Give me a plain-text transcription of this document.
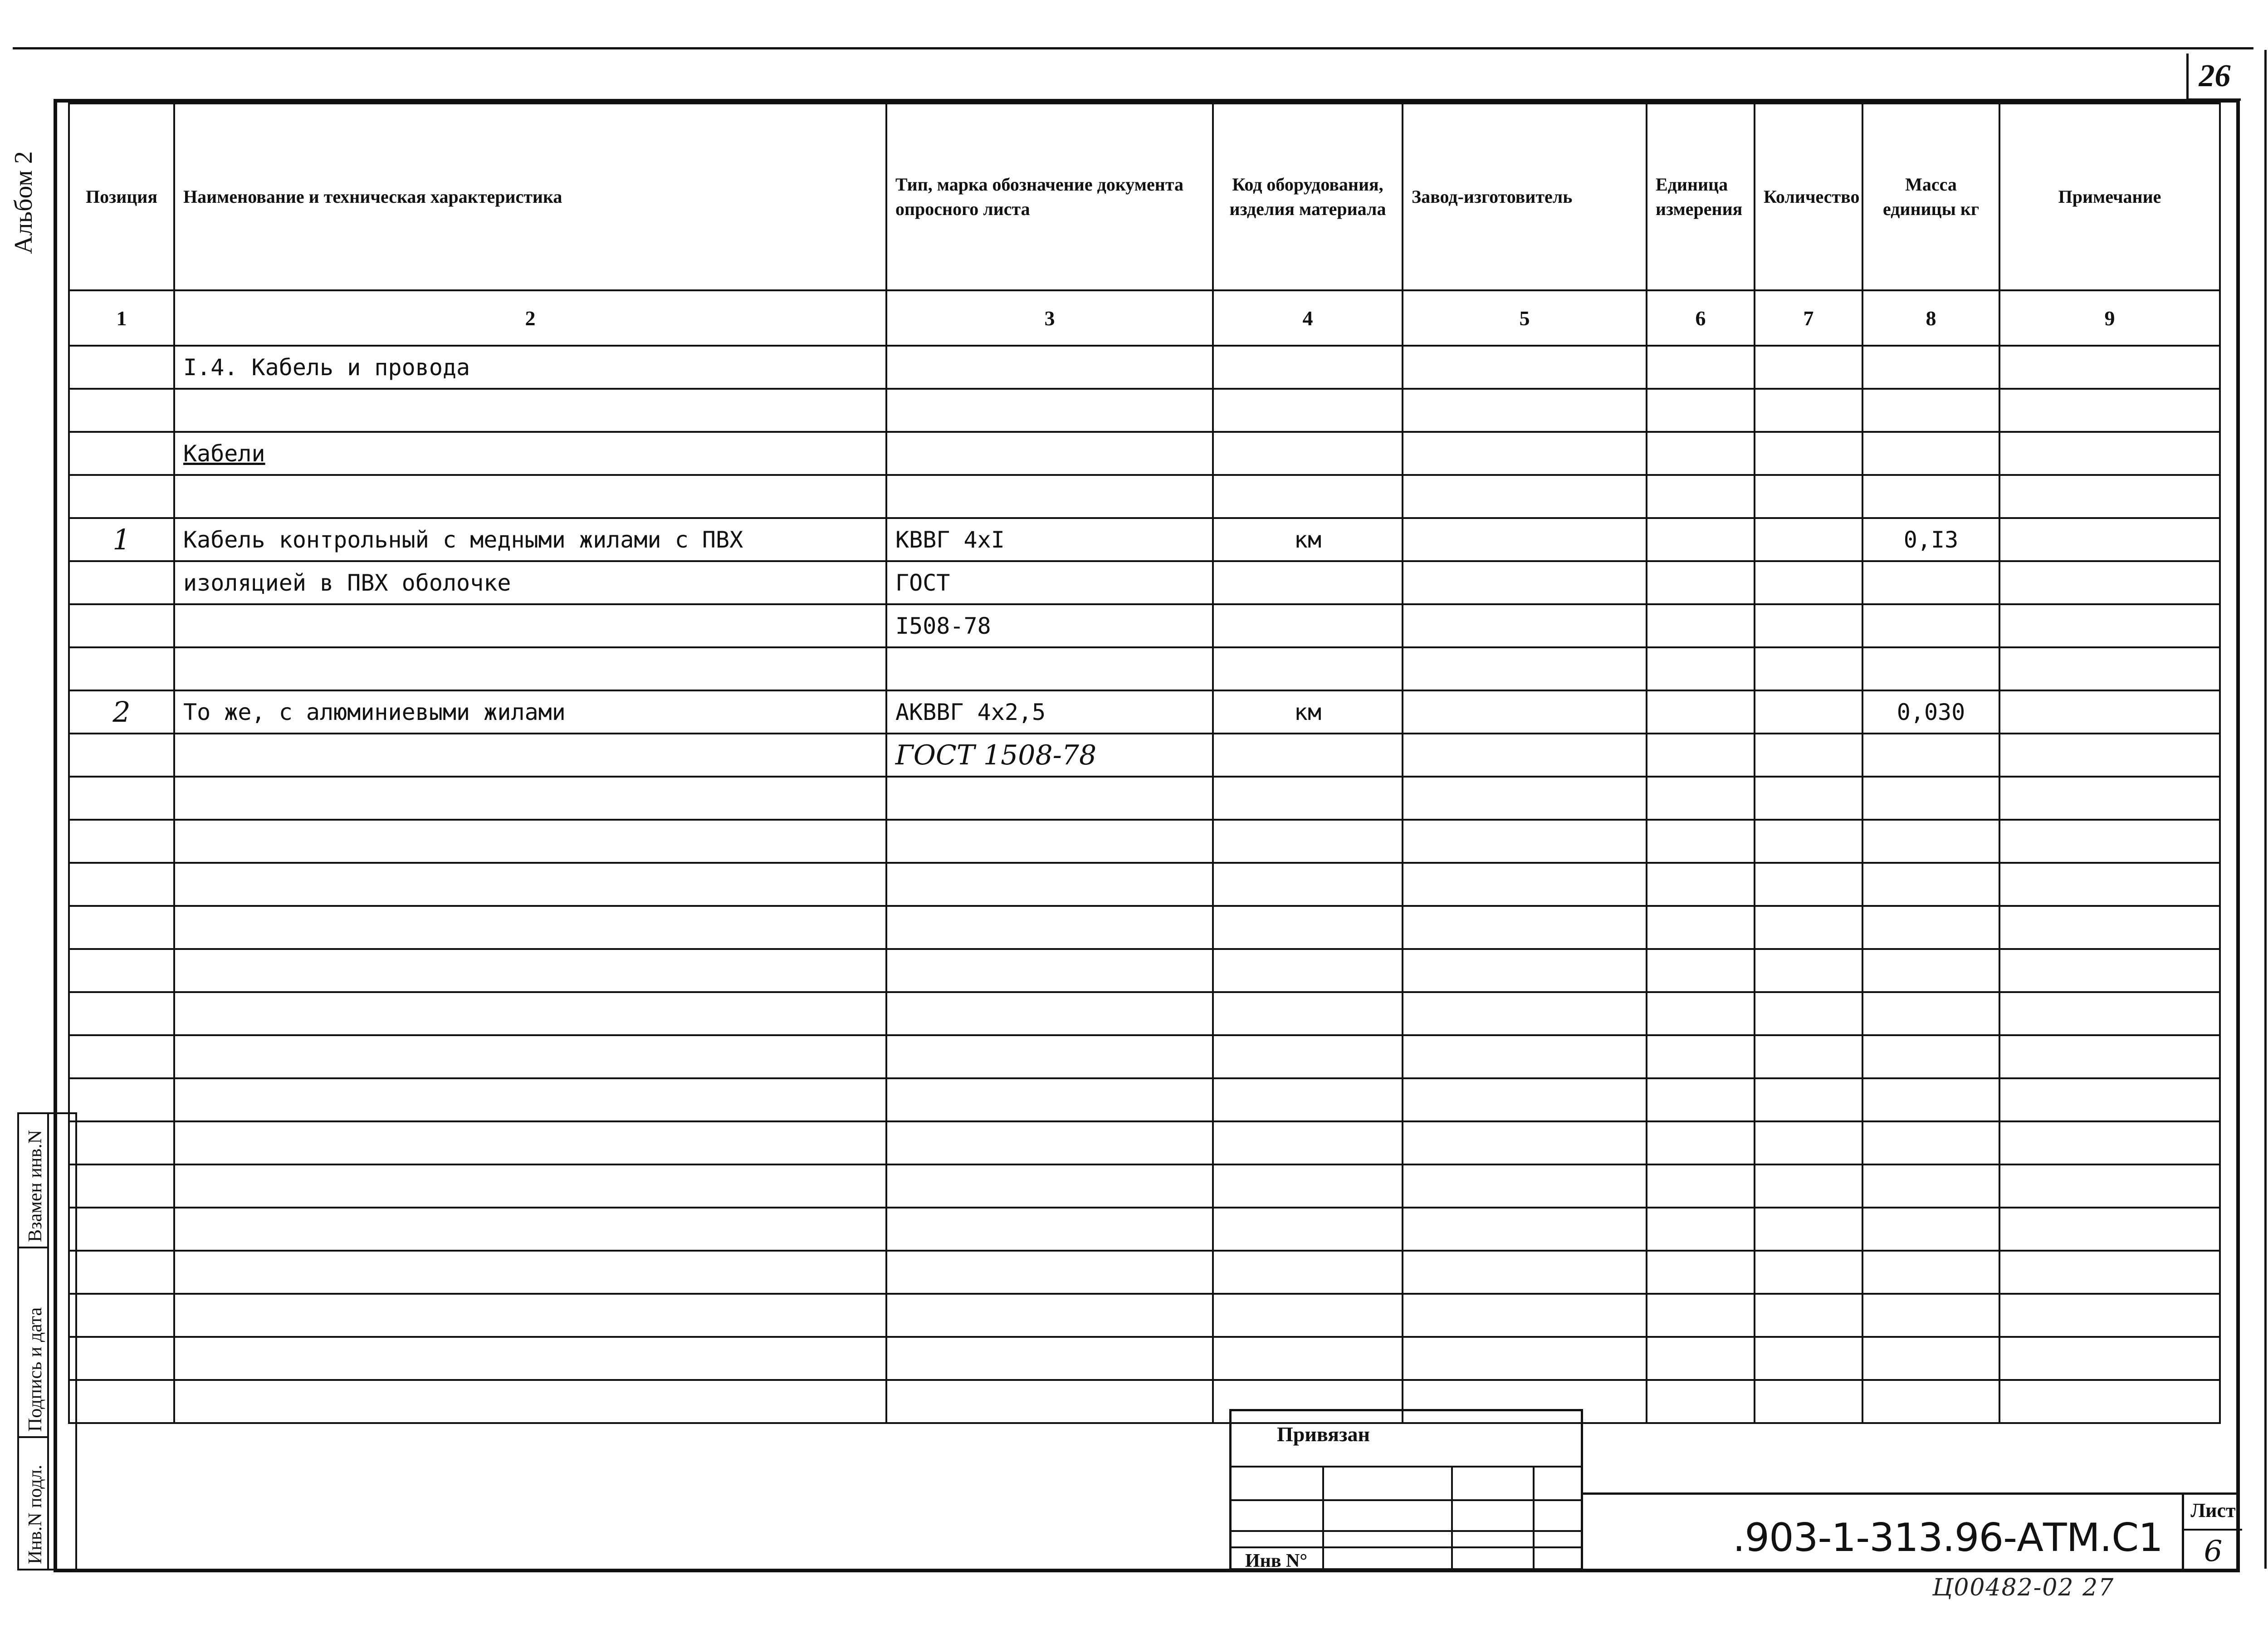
26
Альбом 2	Позиция	Наименование и техническая характеристика	Тип, марка обозначение документа опросного листа	Код оборудования, изделия материала	Завод-изготовитель	Единица измерения	Количество	Масса единицы кг	Примечание
1	2	3	4	5	6	7	8	9
	I.4. Кабель и провода							

	Кабели							

1	Кабель контрольный с медными жилами с ПВХ	КВВГ 4хI	км				0,I3	
	изоляцией в ПВХ оболочке	ГОСТ						
		I508-78						

2	То же, с алюминиевыми жилами	АКВВГ 4х2,5	км				0,030	
		ГОСТ 1508-78						

Взамен инв.N
Подпись и дата
Инв.N подл.
Привязан
Инв N°
.903-1-313.96-АТМ.С1
Лист
6
Ц00482-02 27
